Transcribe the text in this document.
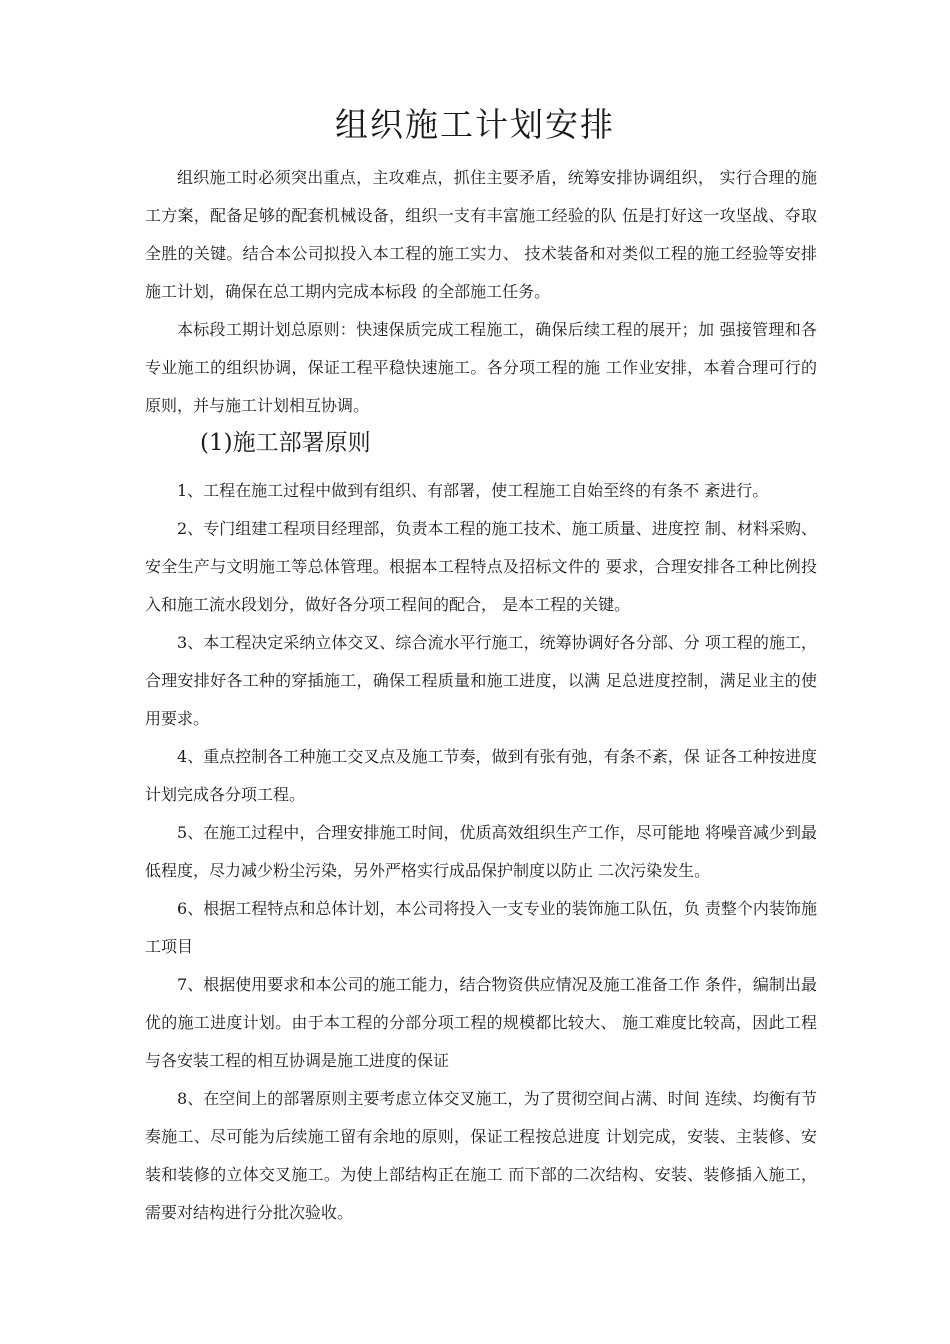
组织施工计划安排

组织施工时必须突出重点，主攻难点，抓住主要矛盾，统筹安排协调组织， 实行合理的施工方案，配备足够的配套机械设备，组织一支有丰富施工经验的队 伍是打好这一攻坚战、夺取全胜的关键。结合本公司拟投入本工程的施工实力、 技术装备和对类似工程的施工经验等安排施工计划，确保在总工期内完成本标段 的全部施工任务。

本标段工期计划总原则：快速保质完成工程施工，确保后续工程的展开；加 强接管理和各专业施工的组织协调，保证工程平稳快速施工。各分项工程的施 工作业安排，本着合理可行的原则，并与施工计划相互协调。

(1)施工部署原则

1、工程在施工过程中做到有组织、有部署，使工程施工自始至终的有条不 紊进行。

2、专门组建工程项目经理部，负责本工程的施工技术、施工质量、进度控 制、材料采购、安全生产与文明施工等总体管理。根据本工程特点及招标文件的 要求，合理安排各工种比例投入和施工流水段划分，做好各分项工程间的配合， 是本工程的关键。

3、本工程决定采纳立体交叉、综合流水平行施工，统筹协调好各分部、分 项工程的施工，合理安排好各工种的穿插施工，确保工程质量和施工进度，以满 足总进度控制，满足业主的使用要求。

4、重点控制各工种施工交叉点及施工节奏，做到有张有弛，有条不紊，保 证各工种按进度计划完成各分项工程。

5、在施工过程中，合理安排施工时间，优质高效组织生产工作，尽可能地 将噪音减少到最低程度，尽力减少粉尘污染，另外严格实行成品保护制度以防止 二次污染发生。

6、根据工程特点和总体计划，本公司将投入一支专业的装饰施工队伍，负 责整个内装饰施工项目

7、根据使用要求和本公司的施工能力，结合物资供应情况及施工准备工作 条件，编制出最优的施工进度计划。由于本工程的分部分项工程的规模都比较大、 施工难度比较高，因此工程与各安装工程的相互协调是施工进度的保证

8、在空间上的部署原则主要考虑立体交叉施工，为了贯彻空间占满、时间 连续、均衡有节奏施工、尽可能为后续施工留有余地的原则，保证工程按总进度 计划完成，安装、主装修、安装和装修的立体交叉施工。为使上部结构正在施工 而下部的二次结构、安装、装修插入施工，需要对结构进行分批次验收。
